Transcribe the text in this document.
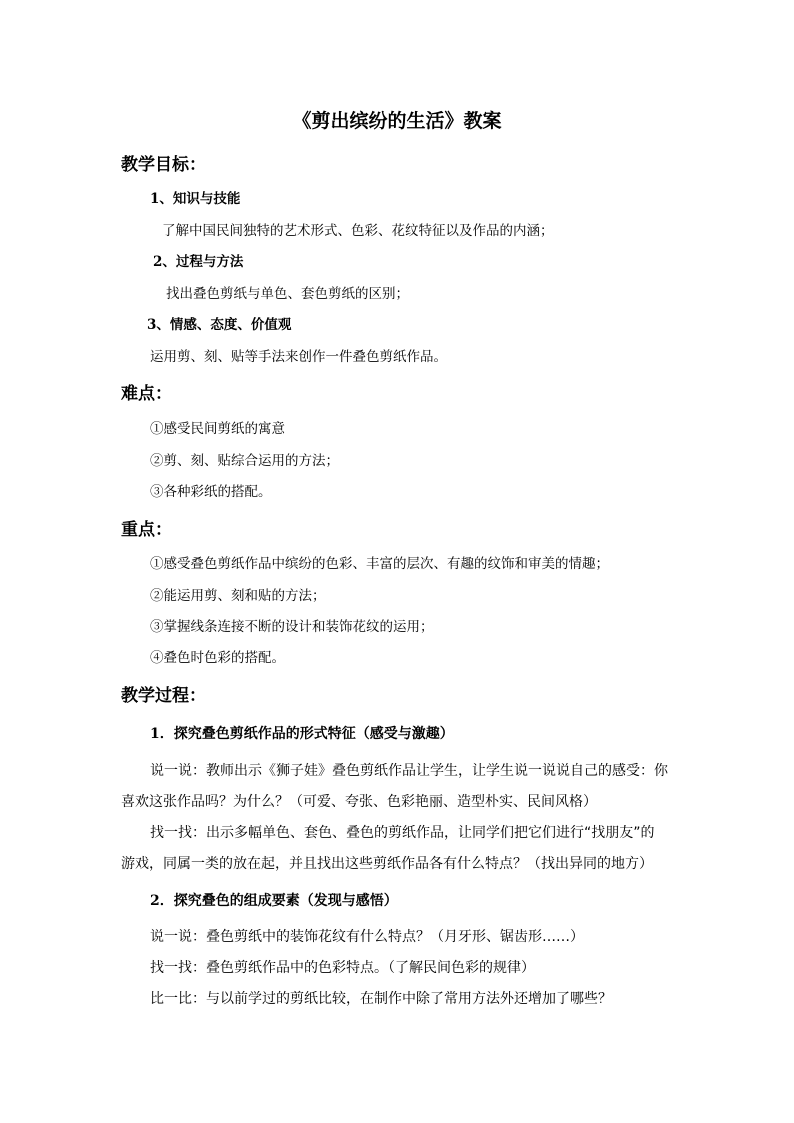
《剪出缤纷的生活》教案
教学目标：
1、知识与技能
了解中国民间独特的艺术形式、色彩、花纹特征以及作品的内涵；
2、过程与方法
找出叠色剪纸与单色、套色剪纸的区别；
3、情感、态度、价值观
运用剪、刻、贴等手法来创作一件叠色剪纸作品。
难点：
①感受民间剪纸的寓意
②剪、刻、贴综合运用的方法；
③各种彩纸的搭配。
重点：
①感受叠色剪纸作品中缤纷的色彩、丰富的层次、有趣的纹饰和审美的情趣；
②能运用剪、刻和贴的方法；
③掌握线条连接不断的设计和装饰花纹的运用；
④叠色时色彩的搭配。
教学过程：
1．探究叠色剪纸作品的形式特征（感受与激趣）
说一说：教师出示《狮子娃》叠色剪纸作品让学生，让学生说一说说自己的感受：你
喜欢这张作品吗？为什么？（可爱、夸张、色彩艳丽、造型朴实、民间风格）
找一找：出示多幅单色、套色、叠色的剪纸作品，让同学们把它们进行“找朋友”的
游戏，同属一类的放在起，并且找出这些剪纸作品各有什么特点？（找出异同的地方）
2．探究叠色的组成要素（发现与感悟）
说一说：叠色剪纸中的装饰花纹有什么特点？（月牙形、锯齿形……）
找一找：叠色剪纸作品中的色彩特点。（了解民间色彩的规律）
比一比：与以前学过的剪纸比较，在制作中除了常用方法外还增加了哪些？
